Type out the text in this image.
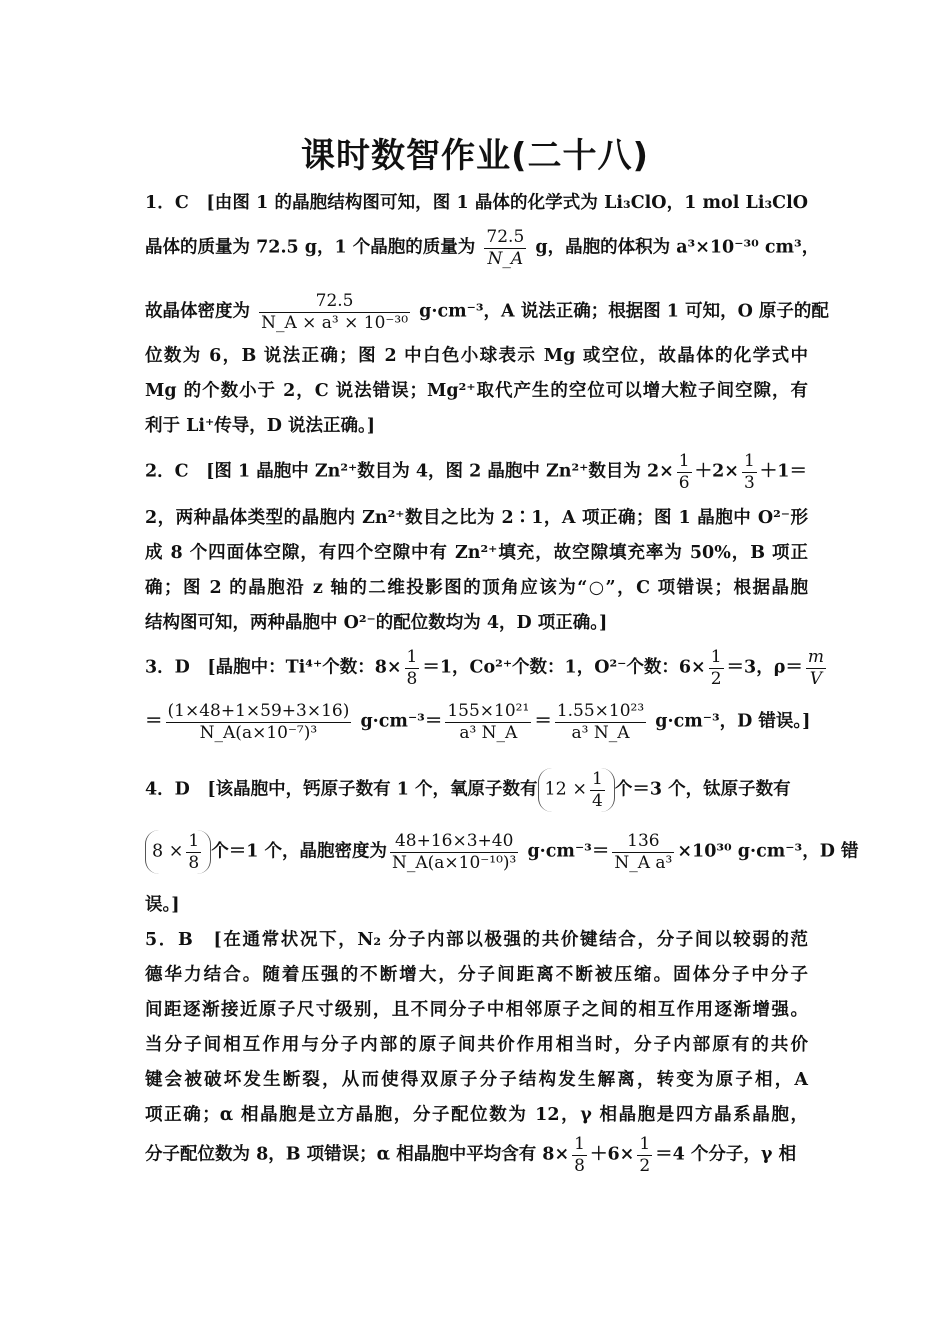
课时数智作业(二十八)
1．C　[由图 1 的晶胞结构图可知，图 1 晶体的化学式为 Li₃ClO，1 mol Li₃ClO
晶体的质量为 72.5 g，1 个晶胞的质量为 $\frac{72.5}{N\_A}$ g，晶胞的体积为 a³×10⁻³⁰ cm³，
故晶体密度为 $\frac{72.5}{\text{N\_A × a³ × 10⁻³⁰}} g\cdot cm^{-3}$，A 说法正确；根据图 1 可知，O 原子的配
位数为 6，B 说法正确；图 2 中白色小球表示 Mg 或空位，故晶体的化学式中
Mg 的个数小于 2，C 说法错误；Mg²⁺取代产生的空位可以增大粒子间空隙，有
利于 Li⁺传导，D 说法正确。]
2．C　[图 1 晶胞中 Zn²⁺数目为 4，图 2 晶胞中 Zn²⁺数目为 $2\times \frac{1}{6} +2\times \frac{1}{3} +1=$
2，两种晶体类型的晶胞内 Zn²⁺数目之比为 2∶1，A 项正确；图 1 晶胞中 O²⁻形
成 8 个四面体空隙，有四个空隙中有 Zn²⁺填充，故空隙填充率为 50%，B 项正
确；图 2 的晶胞沿 z 轴的二维投影图的顶角应该为“○”，C 项错误；根据晶胞
结构图可知，两种晶胞中 O²⁻的配位数均为 4，D 项正确。]
3．D　[晶胞中：Ti⁴⁺个数：$8\times \frac{1}{8} =1$，Co²⁺个数：1，O²⁻个数：$6\times \frac{1}{2} =3$，$\rho= \frac{m}{V}$
＝ $\frac{(1\times 48+1\times 59+3\times 16)}{\text{N\_A(a×10⁻⁷)³}} g\cdot cm^{-3}= \frac{\text{155×10²¹}}{\text{a³ N\_A}} = \frac{\text{1.55×10²³}}{\text{a³ N\_A}} g\cdot cm^{-3}$，D 错误。]
4．D　[该晶胞中，钙原子数有 1 个，氧原子数有 $12 \times \frac{1}{4}$ 个＝3 个，钛原子数有
$8 \times \frac{1}{8}$ 个＝1 个，晶胞密度为 $\frac{48+16\times 3+40}{\text{N\_A(a×10⁻¹⁰)³}} g\cdot cm^{-3}= \frac{136}{\text{N\_A a³}} \times 10^{30}$ g·cm⁻³，D 错
误。]
5．B　[在通常状况下，N₂ 分子内部以极强的共价键结合，分子间以较弱的范
德华力结合。随着压强的不断增大，分子间距离不断被压缩。固体分子中分子
间距逐渐接近原子尺寸级别，且不同分子中相邻原子之间的相互作用逐渐增强。
当分子间相互作用与分子内部的原子间共价作用相当时，分子内部原有的共价
键会被破坏发生断裂，从而使得双原子分子结构发生解离，转变为原子相，A
项正确；α 相晶胞是立方晶胞，分子配位数为 12，γ 相晶胞是四方晶系晶胞，
分子配位数为 8，B 项错误；α 相晶胞中平均含有 $8\times \frac{1}{8} +6\times \frac{1}{2} =4$ 个分子，γ 相
